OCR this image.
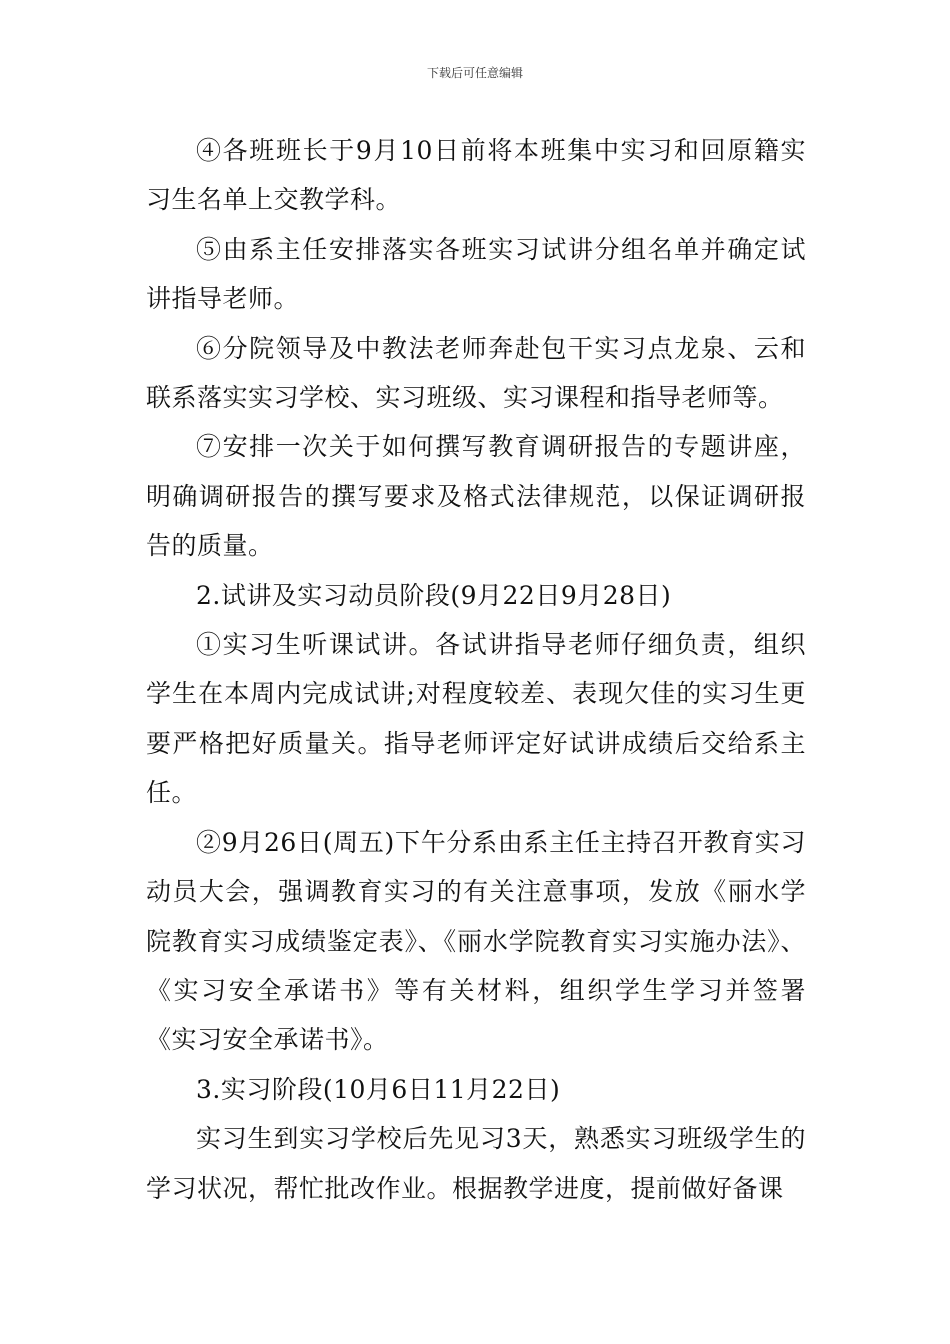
下载后可任意编辑

④各班班长于9月10日前将本班集中实习和回原籍实习生名单上交教学科。

⑤由系主任安排落实各班实习试讲分组名单并确定试讲指导老师。

⑥分院领导及中教法老师奔赴包干实习点龙泉、云和联系落实实习学校、实习班级、实习课程和指导老师等。

⑦安排一次关于如何撰写教育调研报告的专题讲座，明确调研报告的撰写要求及格式法律规范，以保证调研报告的质量。

2.试讲及实习动员阶段(9月22日9月28日)

①实习生听课试讲。各试讲指导老师仔细负责，组织学生在本周内完成试讲;对程度较差、表现欠佳的实习生更要严格把好质量关。指导老师评定好试讲成绩后交给系主任。

②9月26日(周五)下午分系由系主任主持召开教育实习动员大会，强调教育实习的有关注意事项，发放《丽水学院教育实习成绩鉴定表》、《丽水学院教育实习实施办法》、《实习安全承诺书》等有关材料，组织学生学习并签署《实习安全承诺书》。

3.实习阶段(10月6日11月22日)

实习生到实习学校后先见习3天，熟悉实习班级学生的学习状况，帮忙批改作业。根据教学进度，提前做好备课
